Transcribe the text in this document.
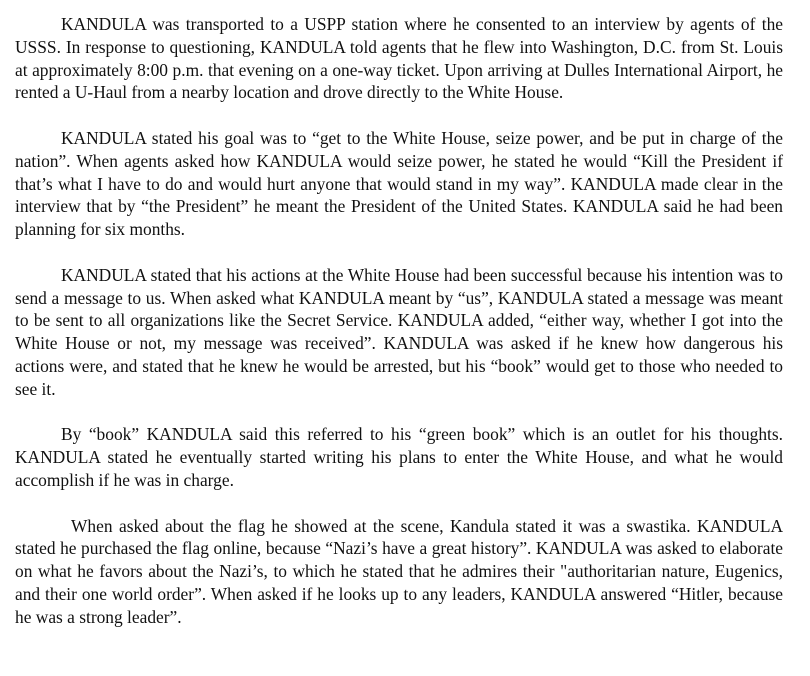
KANDULA was transported to a USPP station where he consented to an interview by agents of the USSS. In response to questioning, KANDULA told agents that he flew into Washington, D.C. from St. Louis at approximately 8:00 p.m. that evening on a one-way ticket. Upon arriving at Dulles International Airport, he rented a U-Haul from a nearby location and drove directly to the White House.

KANDULA stated his goal was to “get to the White House, seize power, and be put in charge of the nation”. When agents asked how KANDULA would seize power, he stated he would “Kill the President if that’s what I have to do and would hurt anyone that would stand in my way”. KANDULA made clear in the interview that by “the President” he meant the President of the United States. KANDULA said he had been planning for six months.

KANDULA stated that his actions at the White House had been successful because his intention was to send a message to us. When asked what KANDULA meant by “us”, KANDULA stated a message was meant to be sent to all organizations like the Secret Service. KANDULA added, “either way, whether I got into the White House or not, my message was received”. KANDULA was asked if he knew how dangerous his actions were, and stated that he knew he would be arrested, but his “book” would get to those who needed to see it.

By “book” KANDULA said this referred to his “green book” which is an outlet for his thoughts. KANDULA stated he eventually started writing his plans to enter the White House, and what he would accomplish if he was in charge.

When asked about the flag he showed at the scene, Kandula stated it was a swastika. KANDULA stated he purchased the flag online, because “Nazi’s have a great history”. KANDULA was asked to elaborate on what he favors about the Nazi’s, to which he stated that he admires their "authoritarian nature, Eugenics, and their one world order”. When asked if he looks up to any leaders, KANDULA answered “Hitler, because he was a strong leader”.
